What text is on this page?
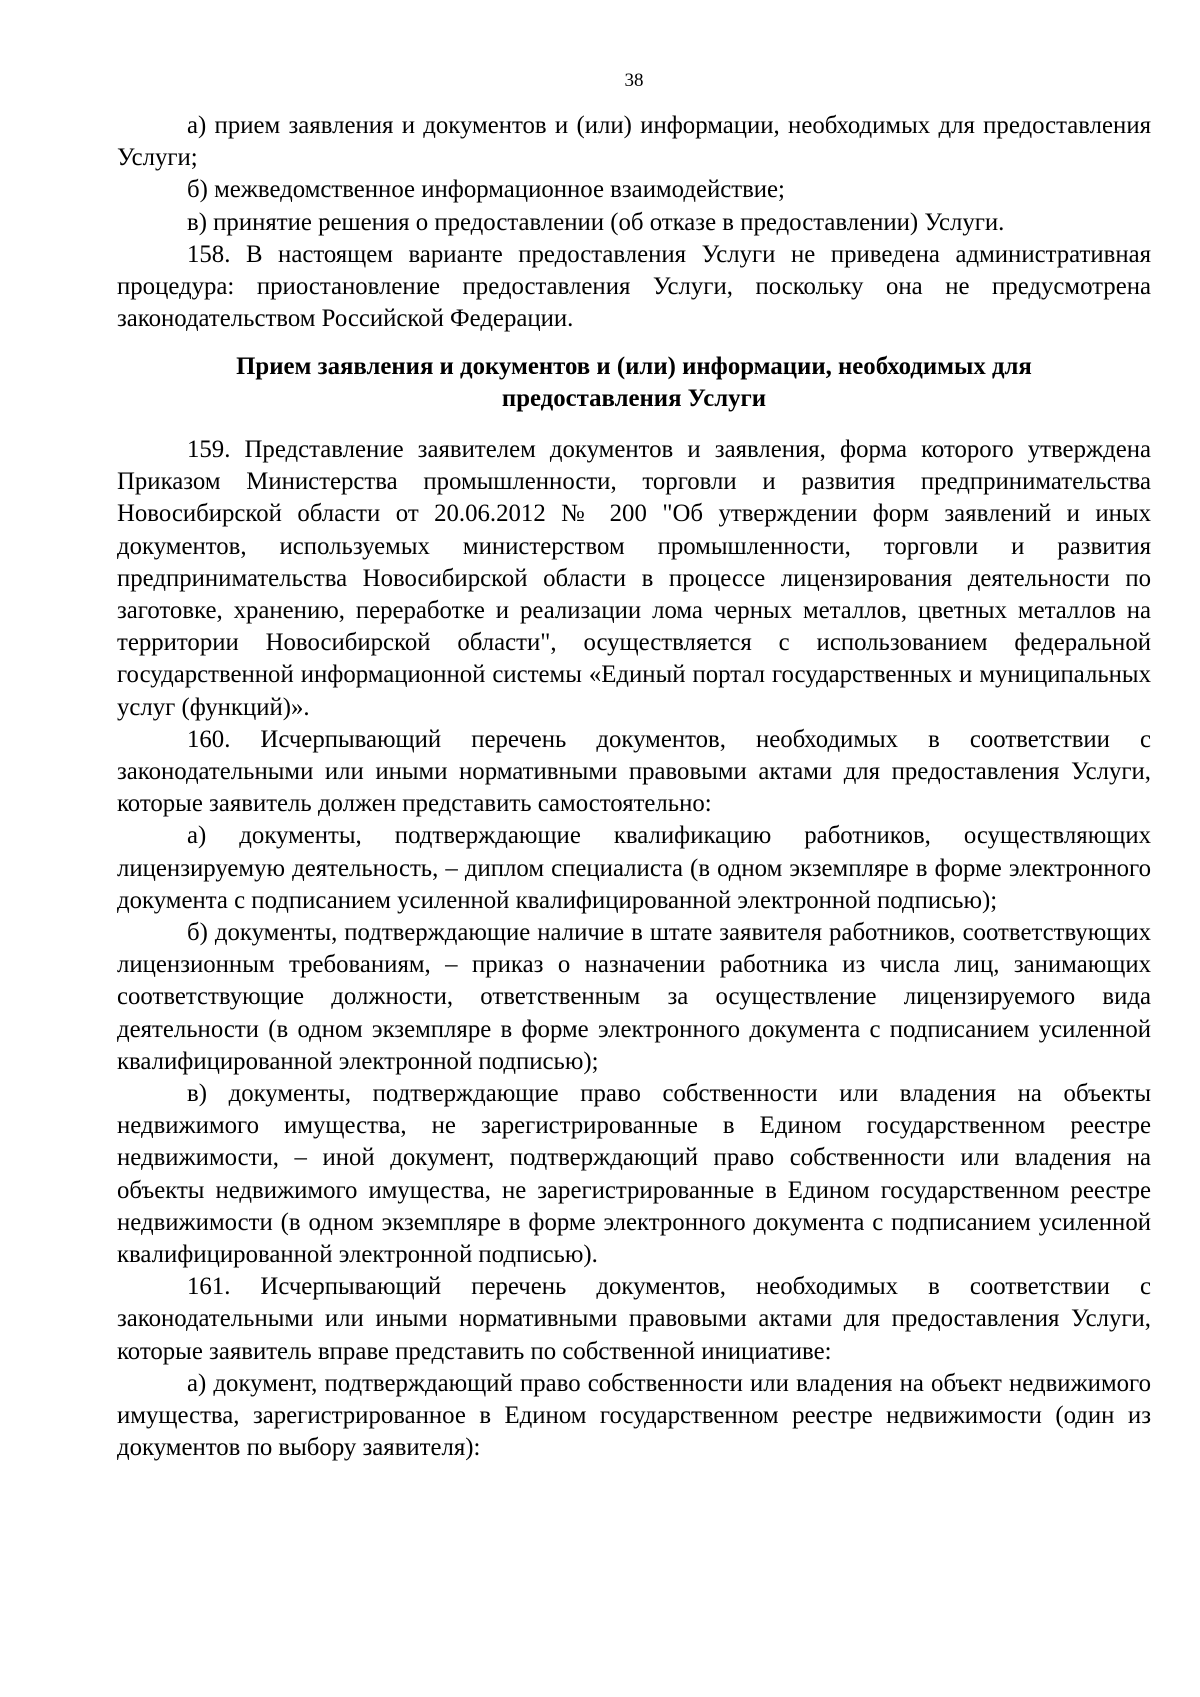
38

а) прием заявления и документов и (или) информации, необходимых для предоставления Услуги;

б) межведомственное информационное взаимодействие;

в) принятие решения о предоставлении (об отказе в предоставлении) Услуги.

158. В настоящем варианте предоставления Услуги не приведена административная процедура: приостановление предоставления Услуги, поскольку она не предусмотрена законодательством Российской Федерации.

Прием заявления и документов и (или) информации, необходимых для

предоставления Услуги

159. Представление заявителем документов и заявления, форма которого утверждена Приказом Министерства промышленности, торговли и развития предпринимательства Новосибирской области от 20.06.2012 № 200 "Об утверждении форм заявлений и иных документов, используемых министерством промышленности, торговли и развития предпринимательства Новосибирской области в процессе лицензирования деятельности по заготовке, хранению, переработке и реализации лома черных металлов, цветных металлов на территории Новосибирской области", осуществляется с использованием федеральной государственной информационной системы «Единый портал государственных и муниципальных услуг (функций)».

160. Исчерпывающий перечень документов, необходимых в соответствии с законодательными или иными нормативными правовыми актами для предоставления Услуги, которые заявитель должен представить самостоятельно:

а) документы, подтверждающие квалификацию работников, осуществляющих лицензируемую деятельность, – диплом специалиста (в одном экземпляре в форме электронного документа с подписанием усиленной квалифицированной электронной подписью);

б) документы, подтверждающие наличие в штате заявителя работников, соответствующих лицензионным требованиям, – приказ о назначении работника из числа лиц, занимающих соответствующие должности, ответственным за осуществление лицензируемого вида деятельности (в одном экземпляре в форме электронного документа с подписанием усиленной квалифицированной электронной подписью);

в) документы, подтверждающие право собственности или владения на объекты недвижимого имущества, не зарегистрированные в Едином государственном реестре недвижимости, – иной документ, подтверждающий право собственности или владения на объекты недвижимого имущества, не зарегистрированные в Едином государственном реестре недвижимости (в одном экземпляре в форме электронного документа с подписанием усиленной квалифицированной электронной подписью).

161. Исчерпывающий перечень документов, необходимых в соответствии с законодательными или иными нормативными правовыми актами для предоставления Услуги, которые заявитель вправе представить по собственной инициативе:

а) документ, подтверждающий право собственности или владения на объект недвижимого имущества, зарегистрированное в Едином государственном реестре недвижимости (один из документов по выбору заявителя):
